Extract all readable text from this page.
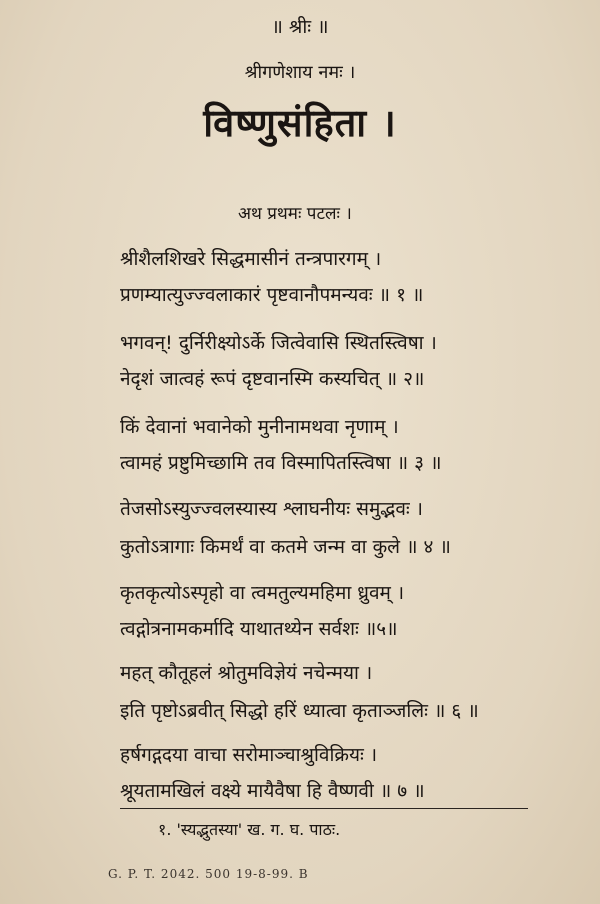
॥ श्रीः ॥
श्रीगणेशाय नमः ।
विष्णुसंहिता ।
अथ प्रथमः पटलः ।
श्रीशैलशिखरे सिद्धमासीनं तन्त्रपारगम् ।
प्रणम्यात्युज्ज्वलाकारं पृष्टवानौपमन्यवः ॥ १ ॥
भगवन्! दुर्निरीक्ष्योऽर्के जित्वेवासि स्थितस्त्विषा ।
नेदृशं जात्वहं रूपं दृष्टवानस्मि कस्यचित् ॥ २॥
किं देवानां भवानेको मुनीनामथवा नृणाम् ।
त्वामहं प्रष्टुमिच्छामि तव विस्मापितस्त्विषा ॥ ३ ॥
तेजसोऽस्युज्ज्वलस्यास्य श्लाघनीयः समुद्भवः ।
कुतोऽत्रागाः किमर्थं वा कतमे जन्म वा कुले ॥ ४ ॥
कृतकृत्योऽस्पृहो वा त्वमतुल्यमहिमा ध्रुवम् ।
त्वद्गोत्रनामकर्मादि याथातथ्येन सर्वशः ॥५॥
महत् कौतूहलं श्रोतुमविज्ञेयं नचेन्मया ।
इति पृष्टोऽब्रवीत् सिद्धो हरिं ध्यात्वा कृताञ्जलिः ॥ ६ ॥
हर्षगद्गदया वाचा सरोमाञ्चाश्रुविक्रियः ।
श्रूयतामखिलं वक्ष्ये मायैवैषा हि वैष्णवी ॥ ७ ॥
१. 'स्यद्भुतस्या' ख. ग. घ. पाठः.
G. P. T. 2042. 500 19-8-99. B
